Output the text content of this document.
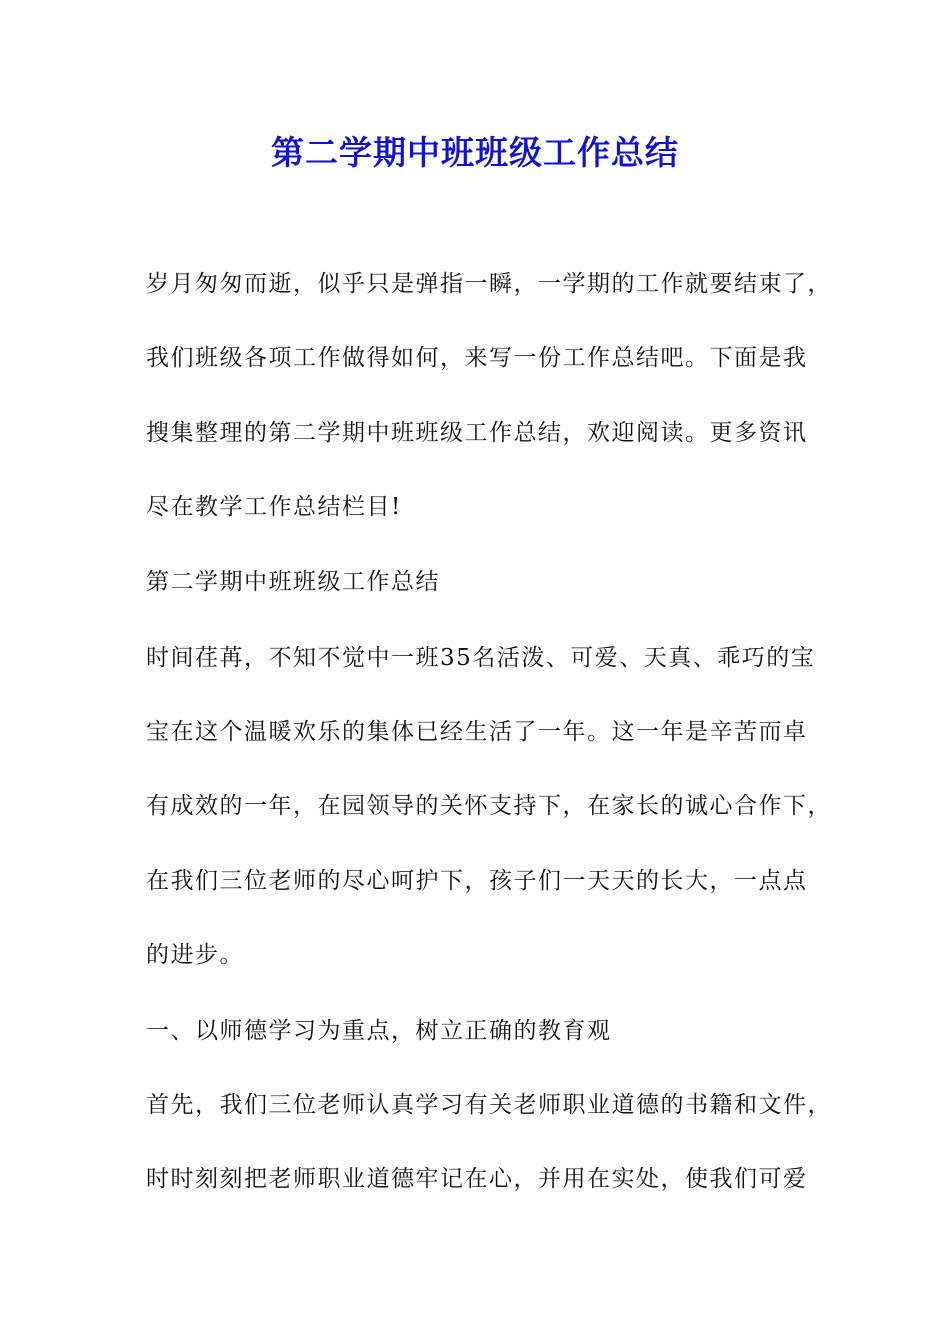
第二学期中班班级工作总结
岁月匆匆而逝，似乎只是弹指一瞬，一学期的工作就要结束了，
我们班级各项工作做得如何，来写一份工作总结吧。下面是我
搜集整理的第二学期中班班级工作总结，欢迎阅读。更多资讯
尽在教学工作总结栏目!
第二学期中班班级工作总结
时间荏苒，不知不觉中一班35名活泼、可爱、天真、乖巧的宝
宝在这个温暖欢乐的集体已经生活了一年。这一年是辛苦而卓
有成效的一年，在园领导的关怀支持下，在家长的诚心合作下，
在我们三位老师的尽心呵护下，孩子们一天天的长大，一点点
的进步。
一、以师德学习为重点，树立正确的教育观
首先，我们三位老师认真学习有关老师职业道德的书籍和文件，
时时刻刻把老师职业道德牢记在心，并用在实处，使我们可爱
